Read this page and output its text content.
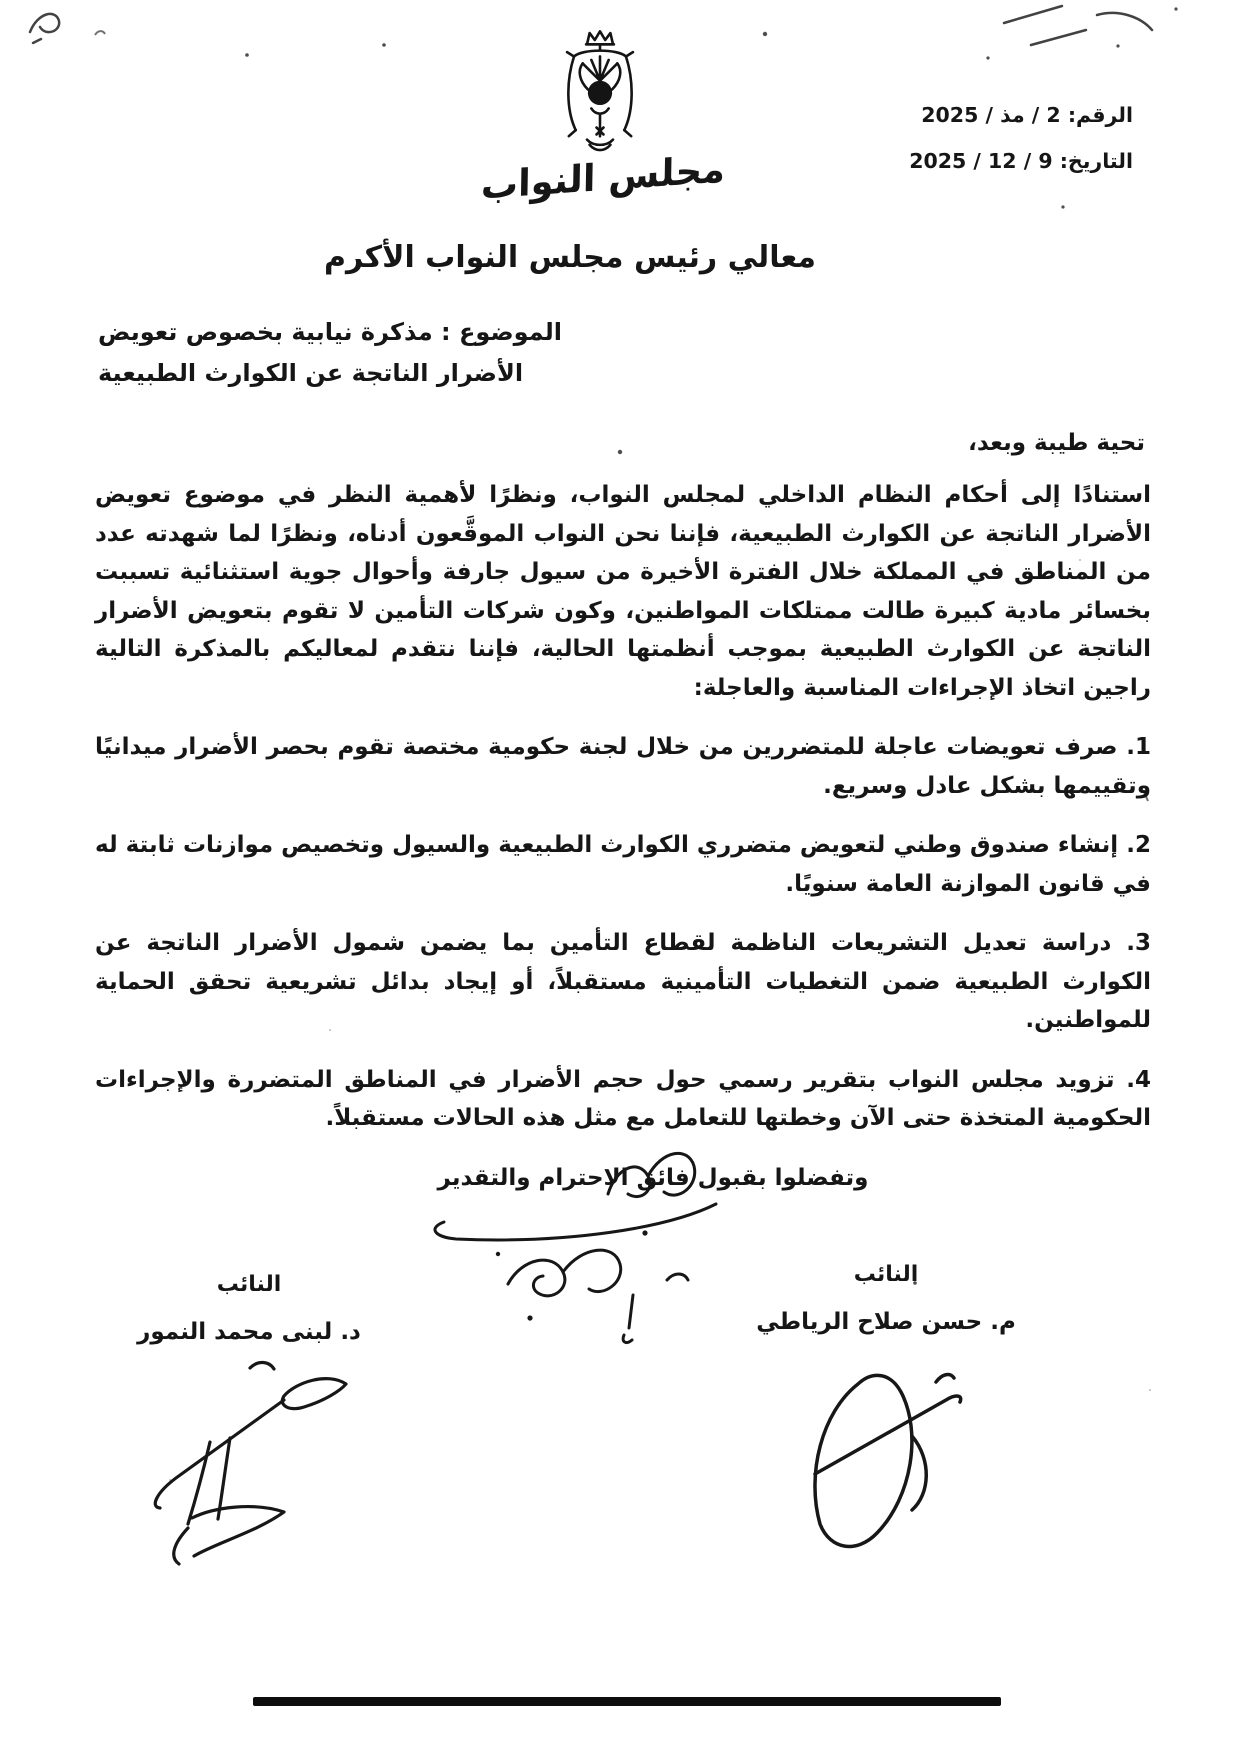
مجلس النواب
الرقم: 2 / مذ / 2025
التاريخ: 9 / 12 / 2025
معالي رئيس مجلس النواب الأكرم
الموضوع : مذكرة نيابية بخصوص تعويض
الأضرار الناتجة عن الكوارث الطبيعية
تحية طيبة وبعد،

استنادًا إلى أحكام النظام الداخلي لمجلس النواب، ونظرًا لأهمية النظر في موضوع تعويض الأضرار الناتجة عن الكوارث الطبيعية، فإننا نحن النواب الموقَّعون أدناه، ونظرًا لما شهدته عدد من المناطق في المملكة خلال الفترة الأخيرة من سيول جارفة وأحوال جوية استثنائية تسببت بخسائر مادية كبيرة طالت ممتلكات المواطنين، وكون شركات التأمين لا تقوم بتعويض الأضرار الناتجة عن الكوارث الطبيعية بموجب أنظمتها الحالية، فإننا نتقدم لمعاليكم بالمذكرة التالية راجين اتخاذ الإجراءات المناسبة والعاجلة:

1. صرف تعويضات عاجلة للمتضررين من خلال لجنة حكومية مختصة تقوم بحصر الأضرار ميدانيًا وتقييمها بشكل عادل وسريع.

2. إنشاء صندوق وطني لتعويض متضرري الكوارث الطبيعية والسيول وتخصيص موازنات ثابتة له في قانون الموازنة العامة سنويًا.

3. دراسة تعديل التشريعات الناظمة لقطاع التأمين بما يضمن شمول الأضرار الناتجة عن الكوارث الطبيعية ضمن التغطيات التأمينية مستقبلاً، أو إيجاد بدائل تشريعية تحقق الحماية للمواطنين.

4. تزويد مجلس النواب بتقرير رسمي حول حجم الأضرار في المناطق المتضررة والإجراءات الحكومية المتخذة حتى الآن وخطتها للتعامل مع مثل هذه الحالات مستقبلاً.

وتفضلوا بقبول فائق الاحترام والتقدير
النائب
م. حسن صلاح الرياطي
النائب
د. لبنى محمد النمور
